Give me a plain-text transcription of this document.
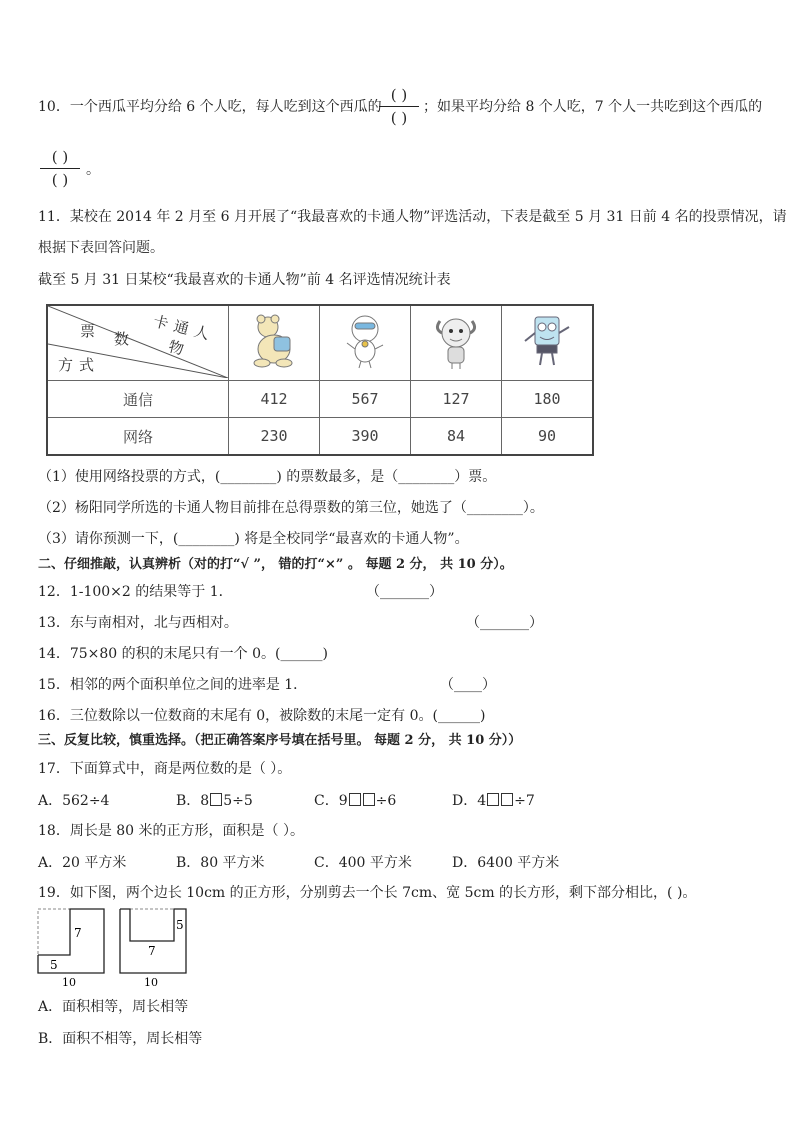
10．一个西瓜平均分给 6 个人吃，每人吃到这个西瓜的
( )
( )
；如果平均分给 8 个人吃，7 个人一共吃到这个西瓜的
( )
( )
。
11．某校在 2014 年 2 月至 6 月开展了“我最喜欢的卡通人物”评选活动，下表是截至 5 月 31 日前 4 名的投票情况，请
根据下表回答问题。
截至 5 月 31 日某校“我最喜欢的卡通人物”前 4 名评选情况统计表
票 数 卡通人物
方式

通信	412	567	127	180
网络	230	390	84	90
（1）使用网络投票的方式，(________) 的票数最多，是（________）票。
（2）杨阳同学所选的卡通人物目前排在总得票数的第三位，她选了（________）。
（3）请你预测一下，(________) 将是全校同学“最喜欢的卡通人物”。
二、仔细推敲，认真辨析（对的打“√ ”， 错的打“×” 。 每题 2 分， 共 10 分）。
12．1-100×2 的结果等于 1．	（_______）
13．东与南相对，北与西相对。	（_______）
14．75×80 的积的末尾只有一个 0。(______)
15．相邻的两个面积单位之间的进率是 1．	（____）
16．三位数除以一位数商的末尾有 0，被除数的末尾一定有 0。(______)
三、反复比较，慎重选择。（把正确答案序号填在括号里。 每题 2 分， 共 10 分））
17．下面算式中，商是两位数的是（ ）。
A．562÷4	B．8 5÷5	C．9 ÷6	D．4 ÷7
18．周长是 80 米的正方形，面积是（ ）。
A．20 平方米	B．80 平方米	C．400 平方米	D．6400 平方米
19．如下图，两个边长 10cm 的正方形，分别剪去一个长 7cm、宽 5cm 的长方形，剩下部分相比，( )。
7
5
10
7
5
10
A．面积相等，周长相等
B．面积不相等，周长相等
